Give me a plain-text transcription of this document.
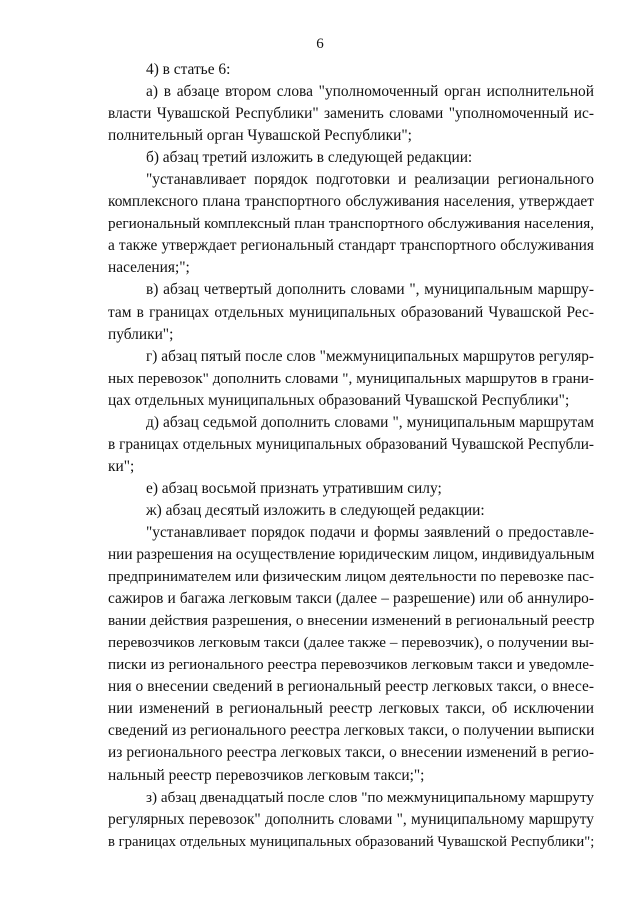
6
4) в статье 6:
а) в абзаце втором слова "уполномоченный орган исполнительной
власти Чувашской Республики" заменить словами "уполномоченный ис-
полнительный орган Чувашской Республики";
б) абзац третий изложить в следующей редакции:
"устанавливает порядок подготовки и реализации регионального
комплексного плана транспортного обслуживания населения, утверждает
региональный комплексный план транспортного обслуживания населения,
а также утверждает региональный стандарт транспортного обслуживания
населения;";
в) абзац четвертый дополнить словами ", муниципальным маршру-
там в границах отдельных муниципальных образований Чувашской Рес-
публики";
г) абзац пятый после слов "межмуниципальных маршрутов регуляр-
ных перевозок" дополнить словами ", муниципальных маршрутов в грани-
цах отдельных муниципальных образований Чувашской Республики";
д) абзац седьмой дополнить словами ", муниципальным маршрутам
в границах отдельных муниципальных образований Чувашской Республи-
ки";
е) абзац восьмой признать утратившим силу;
ж) абзац десятый изложить в следующей редакции:
"устанавливает порядок подачи и формы заявлений о предоставле-
нии разрешения на осуществление юридическим лицом, индивидуальным
предпринимателем или физическим лицом деятельности по перевозке пас-
сажиров и багажа легковым такси (далее – разрешение) или об аннулиро-
вании действия разрешения, о внесении изменений в региональный реестр
перевозчиков легковым такси (далее также – перевозчик), о получении вы-
писки из регионального реестра перевозчиков легковым такси и уведомле-
ния о внесении сведений в региональный реестр легковых такси, о внесе-
нии изменений в региональный реестр легковых такси, об исключении
сведений из регионального реестра легковых такси, о получении выписки
из регионального реестра легковых такси, о внесении изменений в регио-
нальный реестр перевозчиков легковым такси;";
з) абзац двенадцатый после слов "по межмуниципальному маршруту
регулярных перевозок" дополнить словами ", муниципальному маршруту
в границах отдельных муниципальных образований Чувашской Республики";
